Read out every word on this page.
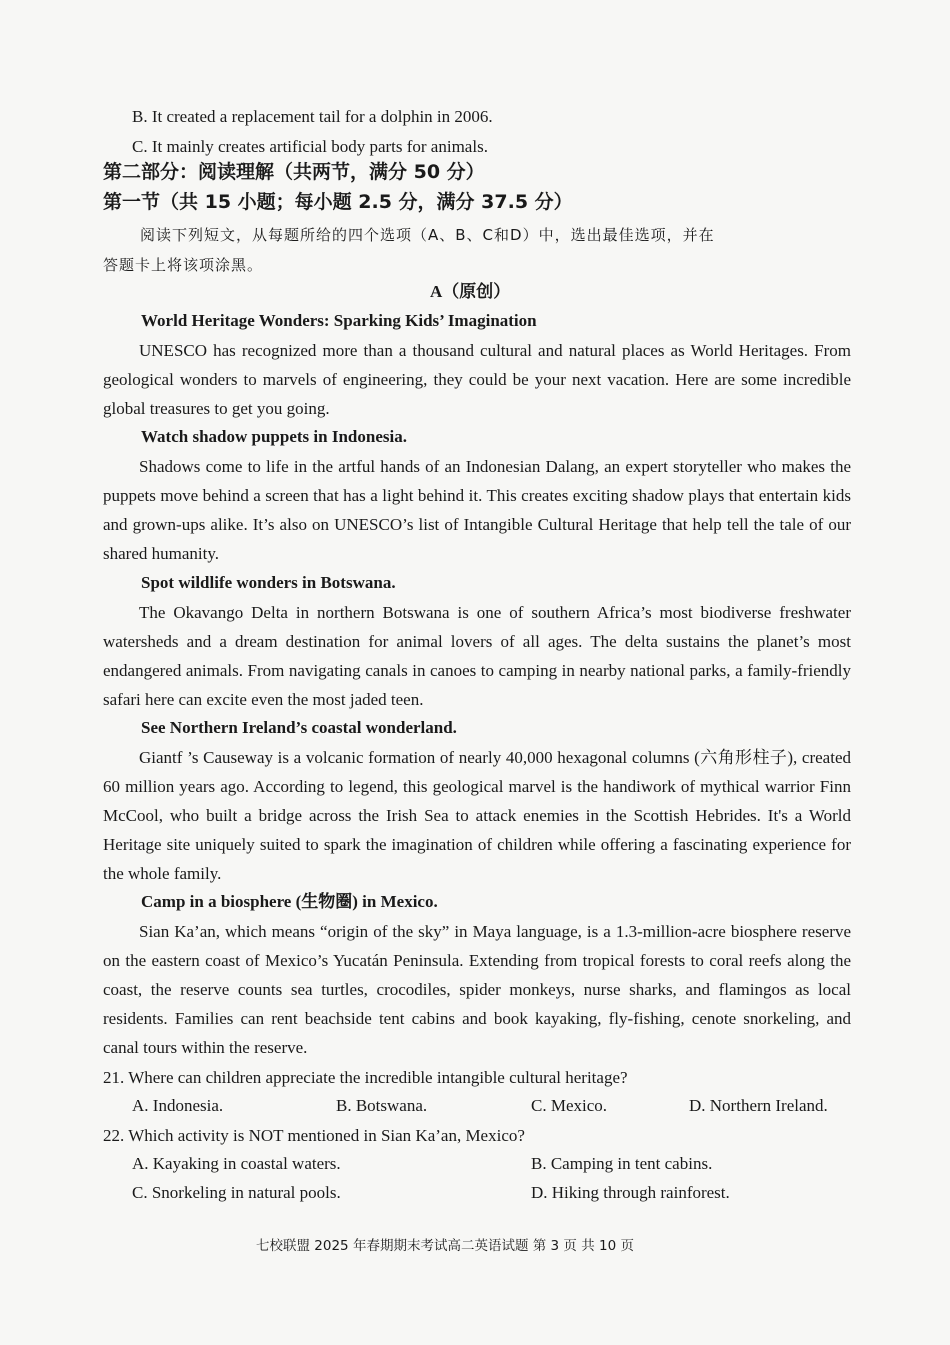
B. It created a replacement tail for a dolphin in 2006.
C. It mainly creates artificial body parts for animals.
第二部分：阅读理解（共两节，满分 50 分）
第一节（共 15 小题；每小题 2.5 分，满分 37.5 分）
阅读下列短文，从每题所给的四个选项（A、B、C和D）中，选出最佳选项，并在
答题卡上将该项涂黑。
A（原创）
World Heritage Wonders: Sparking Kids’ Imagination
UNESCO has recognized more than a thousand cultural and natural places as World Heritages. From geological wonders to marvels of engineering, they could be your next vacation. Here are some incredible global treasures to get you going.
Watch shadow puppets in Indonesia.
Shadows come to life in the artful hands of an Indonesian Dalang, an expert storyteller who makes the puppets move behind a screen that has a light behind it. This creates exciting shadow plays that entertain kids and grown-ups alike. It’s also on UNESCO’s list of Intangible Cultural Heritage that help tell the tale of our shared humanity.
Spot wildlife wonders in Botswana.
The Okavango Delta in northern Botswana is one of southern Africa’s most biodiverse freshwater watersheds and a dream destination for animal lovers of all ages. The delta sustains the planet’s most endangered animals. From navigating canals in canoes to camping in nearby national parks, a family-friendly safari here can excite even the most jaded teen.
See Northern Ireland’s coastal wonderland.
Giantf ’s Causeway is a volcanic formation of nearly 40,000 hexagonal columns (六角形柱子), created 60 million years ago. According to legend, this geological marvel is the handiwork of mythical warrior Finn McCool, who built a bridge across the Irish Sea to attack enemies in the Scottish Hebrides. It's a World Heritage site uniquely suited to spark the imagination of children while offering a fascinating experience for the whole family.
Camp in a biosphere (生物圈) in Mexico.
Sian Ka’an, which means “origin of the sky” in Maya language, is a 1.3-million-acre biosphere reserve on the eastern coast of Mexico’s Yucatán Peninsula. Extending from tropical forests to coral reefs along the coast, the reserve counts sea turtles, crocodiles, spider monkeys, nurse sharks, and flamingos as local residents. Families can rent beachside tent cabins and book kayaking, fly-fishing, cenote snorkeling, and canal tours within the reserve.
21. Where can children appreciate the incredible intangible cultural heritage?
A. Indonesia.	B. Botswana.	C. Mexico.	D. Northern Ireland.
22. Which activity is NOT mentioned in Sian Ka’an, Mexico?
A. Kayaking in coastal waters.	B. Camping in tent cabins.
C. Snorkeling in natural pools.	D. Hiking through rainforest.
七校联盟 2025 年春期期末考试高二英语试题 第 3 页 共 10 页
